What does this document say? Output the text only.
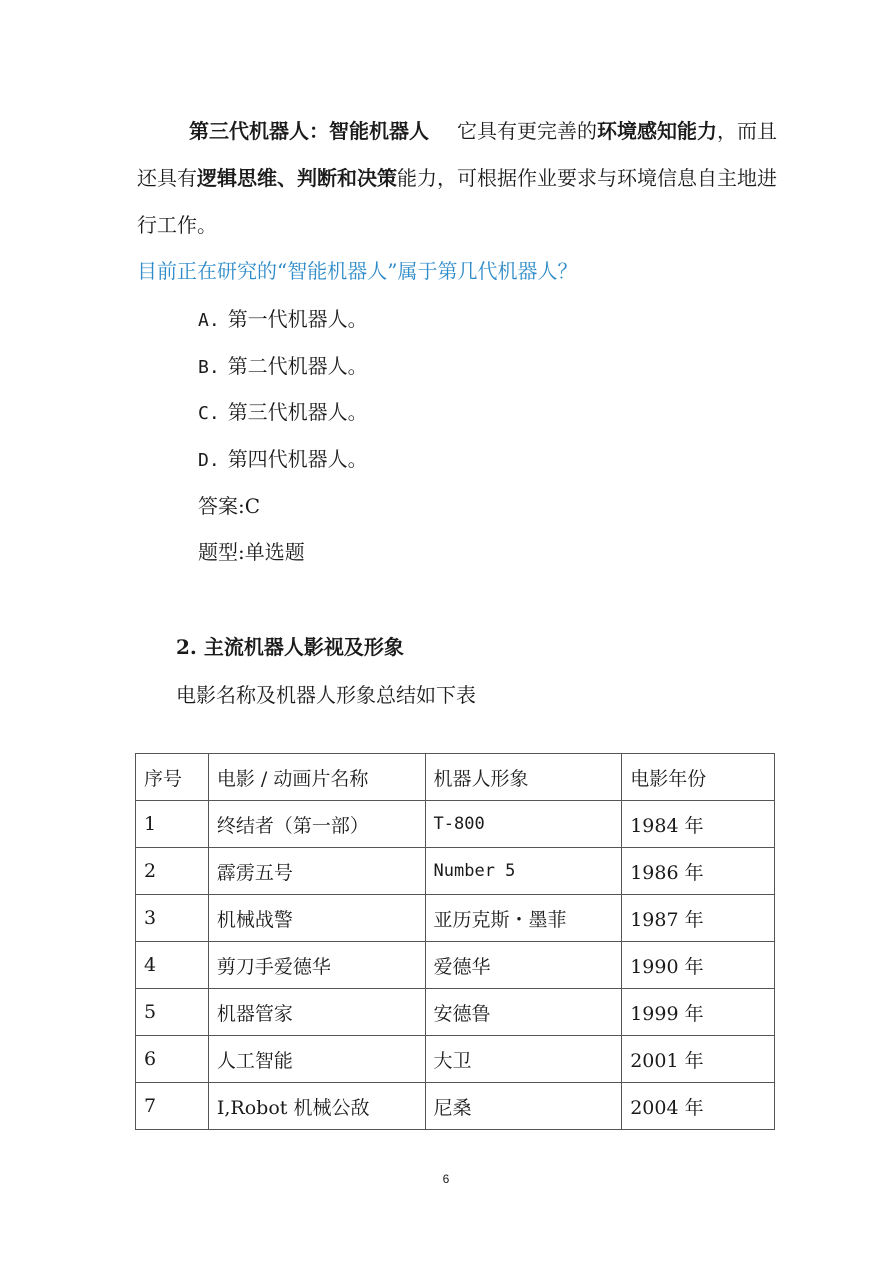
第三代机器人：智能机器人 它具有更完善的环境感知能力，而且还具有逻辑思维、判断和决策能力，可根据作业要求与环境信息自主地进行工作。

目前正在研究的“智能机器人”属于第几代机器人？

A. 第一代机器人。

B. 第二代机器人。

C. 第三代机器人。

D. 第四代机器人。

答案:C

题型:单选题

2. 主流机器人影视及形象

电影名称及机器人形象总结如下表

序号	电影 / 动画片名称	机器人形象	电影年份
1	终结者（第一部）	T-800	1984 年
2	霹雳五号	Number 5	1986 年
3	机械战警	亚历克斯・墨菲	1987 年
4	剪刀手爱德华	爱德华	1990 年
5	机器管家	安德鲁	1999 年
6	人工智能	大卫	2001 年
7	I,Robot 机械公敌	尼桑	2004 年
6
